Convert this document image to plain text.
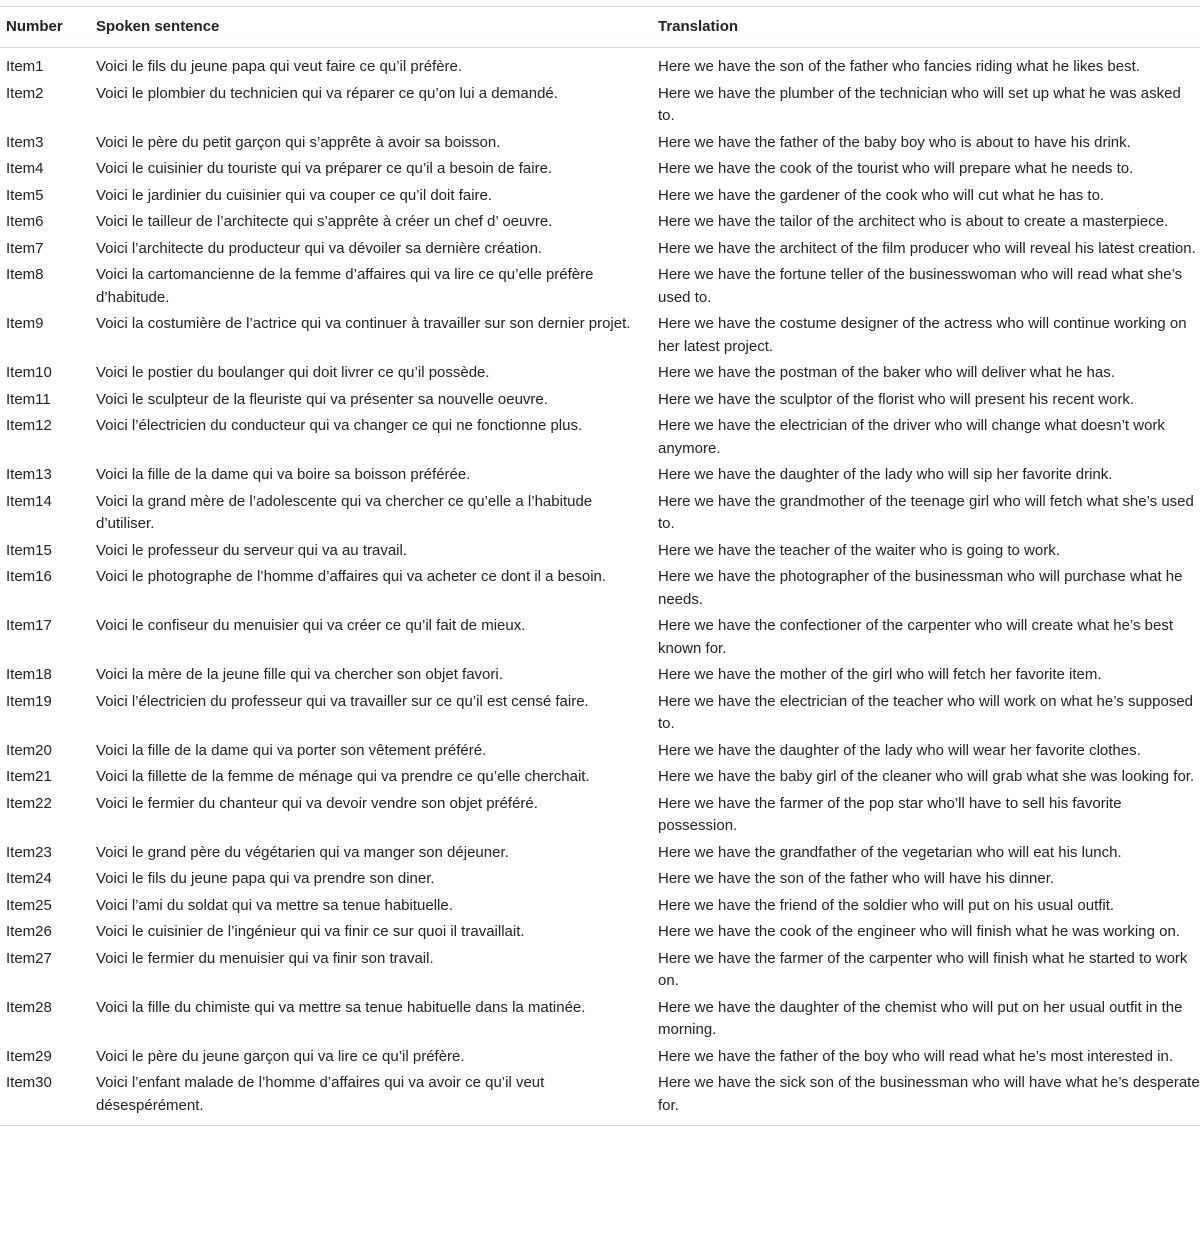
Number	Spoken sentence	Translation
Item1	Voici le fils du jeune papa qui veut faire ce qu’il préfère.	Here we have the son of the father who fancies riding what he likes best.
Item2	Voici le plombier du technicien qui va réparer ce qu’on lui a demandé.	Here we have the plumber of the technician who will set up what he was asked to.
Item3	Voici le père du petit garçon qui s’apprête à avoir sa boisson.	Here we have the father of the baby boy who is about to have his drink.
Item4	Voici le cuisinier du touriste qui va préparer ce qu’il a besoin de faire.	Here we have the cook of the tourist who will prepare what he needs to.
Item5	Voici le jardinier du cuisinier qui va couper ce qu’il doit faire.	Here we have the gardener of the cook who will cut what he has to.
Item6	Voici le tailleur de l’architecte qui s’apprête à créer un chef d’ oeuvre.	Here we have the tailor of the architect who is about to create a masterpiece.
Item7	Voici l’architecte du producteur qui va dévoiler sa dernière création.	Here we have the architect of the film producer who will reveal his latest creation.
Item8	Voici la cartomancienne de la femme d’affaires qui va lire ce qu’elle préfère d’habitude.	Here we have the fortune teller of the businesswoman who will read what she’s used to.
Item9	Voici la costumière de l’actrice qui va continuer à travailler sur son dernier projet.	Here we have the costume designer of the actress who will continue working on her latest project.
Item10	Voici le postier du boulanger qui doit livrer ce qu’il possède.	Here we have the postman of the baker who will deliver what he has.
Item11	Voici le sculpteur de la fleuriste qui va présenter sa nouvelle oeuvre.	Here we have the sculptor of the florist who will present his recent work.
Item12	Voici l’électricien du conducteur qui va changer ce qui ne fonctionne plus.	Here we have the electrician of the driver who will change what doesn’t work anymore.
Item13	Voici la fille de la dame qui va boire sa boisson préférée.	Here we have the daughter of the lady who will sip her favorite drink.
Item14	Voici la grand mère de l’adolescente qui va chercher ce qu’elle a l’habitude d’utiliser.	Here we have the grandmother of the teenage girl who will fetch what she’s used to.
Item15	Voici le professeur du serveur qui va au travail.	Here we have the teacher of the waiter who is going to work.
Item16	Voici le photographe de l’homme d’affaires qui va acheter ce dont il a besoin.	Here we have the photographer of the businessman who will purchase what he needs.
Item17	Voici le confiseur du menuisier qui va créer ce qu’il fait de mieux.	Here we have the confectioner of the carpenter who will create what he’s best known for.
Item18	Voici la mère de la jeune fille qui va chercher son objet favori.	Here we have the mother of the girl who will fetch her favorite item.
Item19	Voici l’électricien du professeur qui va travailler sur ce qu’il est censé faire.	Here we have the electrician of the teacher who will work on what he’s supposed to.
Item20	Voici la fille de la dame qui va porter son vêtement préféré.	Here we have the daughter of the lady who will wear her favorite clothes.
Item21	Voici la fillette de la femme de ménage qui va prendre ce qu’elle cherchait.	Here we have the baby girl of the cleaner who will grab what she was looking for.
Item22	Voici le fermier du chanteur qui va devoir vendre son objet préféré.	Here we have the farmer of the pop star who’ll have to sell his favorite possession.
Item23	Voici le grand père du végétarien qui va manger son déjeuner.	Here we have the grandfather of the vegetarian who will eat his lunch.
Item24	Voici le fils du jeune papa qui va prendre son diner.	Here we have the son of the father who will have his dinner.
Item25	Voici l’ami du soldat qui va mettre sa tenue habituelle.	Here we have the friend of the soldier who will put on his usual outfit.
Item26	Voici le cuisinier de l’ingénieur qui va finir ce sur quoi il travaillait.	Here we have the cook of the engineer who will finish what he was working on.
Item27	Voici le fermier du menuisier qui va finir son travail.	Here we have the farmer of the carpenter who will finish what he started to work on.
Item28	Voici la fille du chimiste qui va mettre sa tenue habituelle dans la matinée.	Here we have the daughter of the chemist who will put on her usual outfit in the morning.
Item29	Voici le père du jeune garçon qui va lire ce qu’il préfère.	Here we have the father of the boy who will read what he’s most interested in.
Item30	Voici l’enfant malade de l’homme d’affaires qui va avoir ce qu’il veut désespérément.	Here we have the sick son of the businessman who will have what he’s desperate for.
